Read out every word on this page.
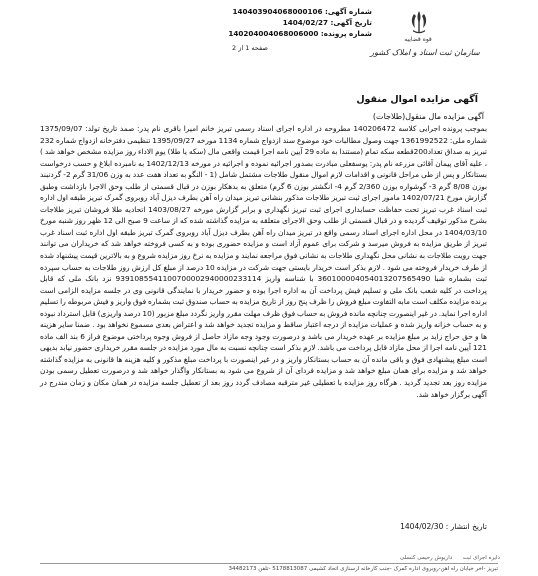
شماره آگهی: 140403904068000106
تاریخ آگهی: 1404/02/27
شماره پرونده: 140204004068006000
صفحه 1 از 2
قوه قضاییه
سازمان ثبت اسناد و املاک کشور
آگهی مزایده اموال منقول
آگهی مزایده مال منقول(طلاجات)
بموجب پرونده اجرایی کلاسه 140206472 مطروحه در اداره اجرای اسناد رسمی تبریز خانم امیرا باقری نام پدر: صمد تاریخ تولد: 1375/09/07 شماره ملی: 1361992522 جهت وصول مطالبات خود موضوع سند ازدواج شماره 1134 مورخه 1395/09/27 تنظیمی دفترخانه ازدواج شماره 232 تبریز به صداق تعداد200قطعه سکه تمام (مستندا به ماده 29 آیین نامه اجرا قیمت واقعی مال (سکه یا طلا) یوم الاداء روز مزایده مشخص خواهد شد ) ، علیه آقای پیمان آقائی مزرعه نام پدر: یوسفعلی مبادرت بصدور اجرائیه نموده و اجرائیه در مورخه 1402/12/13 به نامبرده ابلاغ و حسب درخواست بستانکار و پس از طی مراحل قانونی و اقدامات لازم اموال منقول طلاجات مشتمل شامل (1 - النگو به تعداد هفت عدد به وزن 31/06 گرم 2- گردنبند بوزن 8/08 گرم 3- گوشواره بوزن 2/360 گرم 4- انگشتر بوزن 6 گرم) متعلق به بدهکار بوزن در قبال قسمتی از طلب وحق الاجرا بازداشت وطبق گزارش مورخ 1402/07/21 مامور اجرای ثبت تبریز طلاجات مذکور بنشانی تبریز میدان راه آهن بطرف دیزل آباد روبروی گمرک تبریز طبقه اول اداره ثبت اسناد غرب تبریز تحت حفاظت حسابداری اجرای ثبت تبریز نگهداری و برابر گزارش مورخه 1403/08/27 اتحادیه طلا فروشان تبریز طلاجات بشرح مذکور توقیف گردیده و در قبال قسمتی از طلب وحق الاجرای متعلقه به مزایده گذاشته شده که از ساعت 9 صبح الی 12 ظهر روز شنبه مورخ 1404/03/10 در محل اداره اجرای اسناد رسمی واقع در تبریز میدان راه آهن بطرف دیزل آباد روبروی گمرک تبریز طبقه اول اداره ثبت اسناد غرب تبریز از طریق مزایده به فروش میرسد و شرکت برای عموم آزاد است و مزایده حضوری بوده و به کسی فروخته خواهد شد که خریداران می توانند جهت رویت طلاجات به نشانی محل نگهداری طلاجات به نشانی فوق مراجعه نمایند و مزایده به نرخ روز مزایده شروع و به بالاترین قیمت پیشنهاد شده از طرف خریدار فروخته می شود . لازم بذکر است خریدار بایستی جهت شرکت در مزایده 10 درصد از مبلغ کل ارزش روز طلاجات به حساب سپرده ثبت بشماره شبا 360100004054013207565490 با شناسه واریز 9391085541100700002940000233114 نزد بانک ملی که قابل پرداخت در کلیه شعب بانک ملی و تسلیم فیش پرداخت آن به اداره اجرا بوده و حضور خریدار با نمایندگی قانونی وی در جلسه مزایده الزامی است برنده مزایده مکلف است مابه التفاوت مبلغ فروش را ظرف پنج روز از تاریخ مزایده به حساب صندوق ثبت بشماره فوق واریز و فیش مربوطه را تسلیم اداره اجرا نماید. در غیر اینصورت چنانچه مانده فروش به حساب فوق ظرف مهلت مقرر واریز نگردد مبلغ مزبور (10 درصد واریزی) قابل استرداد نبوده و به حساب خزانه واریز شده و عملیات مزایده از درجه اعتبار ساقط و مزایده تجدید خواهد شد و اعتراض بعدی مسموع نخواهد بود . ضمنا سایر هزینه ها و حق حراج زاید بر مبلغ مزایده بر عهده خریدار می باشد و درصورت وجود وجه مازاد حاصل از فروش وجوه پرداختی موضوع فراز 6 بند الف ماده 121 آیین نامه اجرا از محل مازاد قابل پرداخت می باشد. لازم بذکر است چنانچه نسبت به مال مورد مزایده در جلسه مقرر خریداری حضور نیابد بدیهی است مبلغ پیشنهادی فوق و باقی مانده آن به حساب بستانکار واریز و در غیر اینصورت با پرداخت مبلغ مذکور و کلیه هزینه ها قانونی به مزایده گذاشته خواهد شد و مزایده برای همان مبلغ خواهد شد و مزایده فردای آن از شروع می شود به بستانکار واگذار خواهد شد و درصورت تعطیل رسمی بودن مزایده روز بعد تجدید گردید . هرگاه روز مزایده با تعطیلی غیر مترقبه مصادف گردد روز بعد از تعطیل جلسه مزایده در همان مکان و زمان مندرج در آگهی برگزار خواهد شد.
تاریخ انتشار : 1404/02/30
دایره اجرای ثبت      داریوش رحیمی کنسلی
تبریز -آخر خیابان راه آهن-روبروی اداره گمرک -جنب کارخانه ارسنازی اتحاد کشیمی 5178813087 -تلفن 34482173
